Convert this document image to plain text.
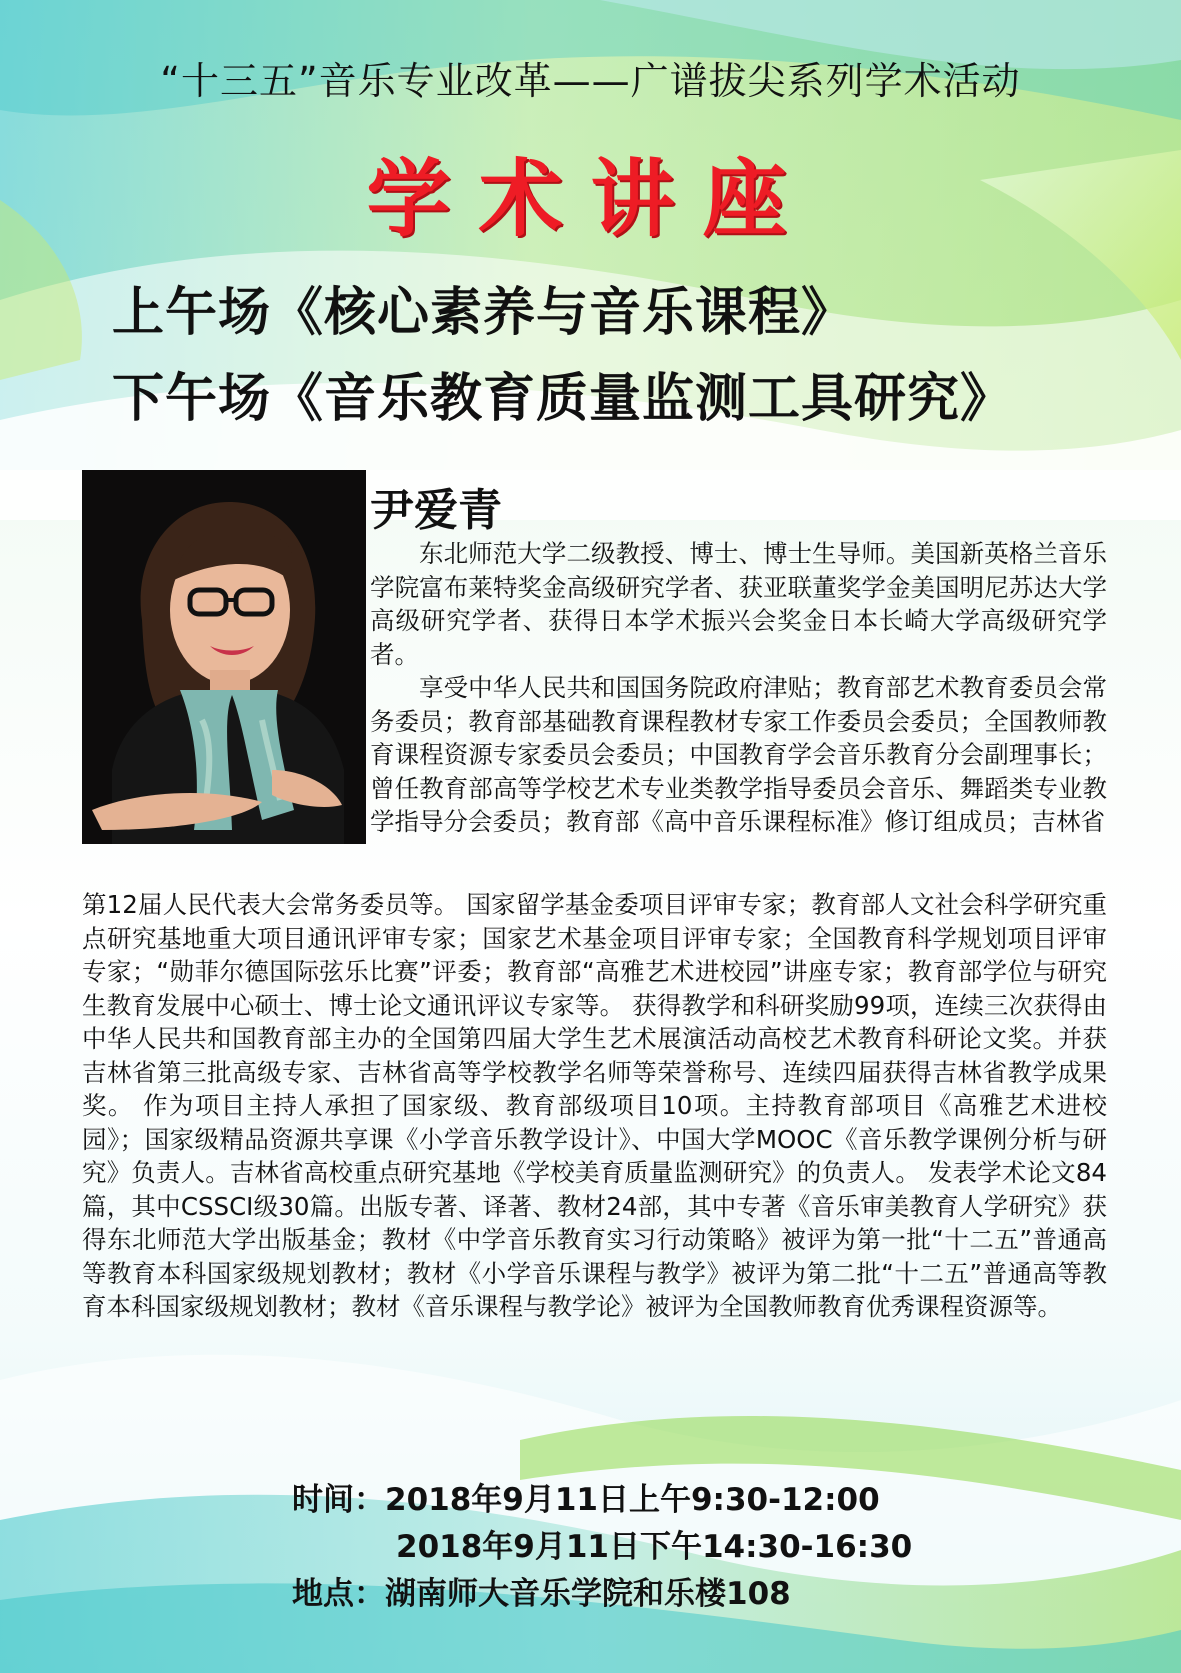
“十三五”音乐专业改革——广谱拔尖系列学术活动
学术讲座
上午场《核心素养与音乐课程》
下午场《音乐教育质量监测工具研究》
尹爱青

东北师范大学二级教授、博士、博士生导师。美国新英格兰音乐学院富布莱特奖金高级研究学者、获亚联董奖学金美国明尼苏达大学高级研究学者、获得日本学术振兴会奖金日本长崎大学高级研究学者。

享受中华人民共和国国务院政府津贴；教育部艺术教育委员会常务委员；教育部基础教育课程教材专家工作委员会委员；全国教师教育课程资源专家委员会委员；中国教育学会音乐教育分会副理事长；曾任教育部高等学校艺术专业类教学指导委员会音乐、舞蹈类专业教学指导分会委员；教育部《高中音乐课程标准》修订组成员；吉林省

第12届人民代表大会常务委员等。 国家留学基金委项目评审专家；教育部人文社会科学研究重点研究基地重大项目通讯评审专家；国家艺术基金项目评审专家；全国教育科学规划项目评审专家；“勋菲尔德国际弦乐比赛”评委；教育部“高雅艺术进校园”讲座专家；教育部学位与研究生教育发展中心硕士、博士论文通讯评议专家等。 获得教学和科研奖励99项，连续三次获得由中华人民共和国教育部主办的全国第四届大学生艺术展演活动高校艺术教育科研论文奖。并获吉林省第三批高级专家、吉林省高等学校教学名师等荣誉称号、连续四届获得吉林省教学成果奖。 作为项目主持人承担了国家级、教育部级项目10项。主持教育部项目《高雅艺术进校园》；国家级精品资源共享课《小学音乐教学设计》、中国大学MOOC《音乐教学课例分析与研究》负责人。吉林省高校重点研究基地《学校美育质量监测研究》的负责人。 发表学术论文84篇，其中CSSCI级30篇。出版专著、译著、教材24部，其中专著《音乐审美教育人学研究》获得东北师范大学出版基金；教材《中学音乐教育实习行动策略》被评为第一批“十二五”普通高等教育本科国家级规划教材；教材《小学音乐课程与教学》被评为第二批“十二五”普通高等教育本科国家级规划教材；教材《音乐课程与教学论》被评为全国教师教育优秀课程资源等。

时间：2018年9月11日上午9:30-12:00
2018年9月11日下午14:30-16:30
地点：湖南师大音乐学院和乐楼108
